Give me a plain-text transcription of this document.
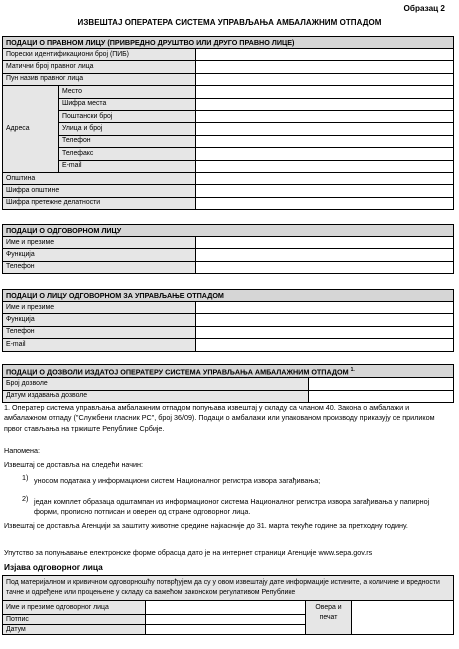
Образац 2
ИЗВЕШТАЈ ОПЕРАТЕРА СИСТЕМА УПРАВЉАЊА АМБАЛАЖНИМ ОТПАДОМ
ПОДАЦИ О ПРАВНОМ ЛИЦУ (ПРИВРЕДНО ДРУШТВО ИЛИ ДРУГО ПРАВНО ЛИЦЕ)		
Порески идентификациони број (ПИБ)		
Матични број правног лица		
Пун назив правног лица		
Адреса	Место	
	Шифра места	
	Поштански број	
	Улица и број	
	Телефон	
	Телефакс	
	E-mail	
Општина		
Шифра општине		
Шифра претежне делатности		
ПОДАЦИ О ОДГОВОРНОМ ЛИЦУ	
Име и презиме	
Функција	
Телефон	
ПОДАЦИ О ЛИЦУ ОДГОВОРНОМ ЗА УПРАВЉАЊЕ ОТПАДОМ	
Име и презиме	
Функција	
Телефон	
E-mail	
ПОДАЦИ О ДОЗВОЛИ ИЗДАТОЈ ОПЕРАТЕРУ СИСТЕМА УПРАВЉАЊА АМБАЛАЖНИМ ОТПАДОМ $^{1.}$
Број дозволе	
Датум издавања дозволе	
1. Оператер система управљања амбалажним отпадом попуњава извештај у складу са чланом 40. Закона о амбалажи и амбалажном отпаду ("Службени гласник РС", број 36/09). Подаци о амбалажи или упакованом производу приказују се приликом првог стављања на тржиште Републике Србије.
Напомена:
Извештај се доставља на следећи начин:
1) уносом података у информациони систем Националног регистра извора загађивања;
2) један комплет образаца одштампан из информационог система Националног регистра извора загађивања у папирној форми, прописно потписан и оверен од стране одговорног лица.
Извештај се доставља Агенцији за заштиту животне средине најкасније до 31. марта текуће године за претходну годину.
Упутство за попуњавање електронске форме обрасца дато је на интернет страници Агенције www.sepa.gov.rs
Изјава одговорног лица
Под материјалном и кривичном одговорношћу потврђујем да су у овом извештају дате информације истините, а количине и вредности тачне и одређене или процењене у складу са важећом законском регулативом Републике			
Име и презиме одговорног лица		Овера и печат	
Потпис			
Датум			
